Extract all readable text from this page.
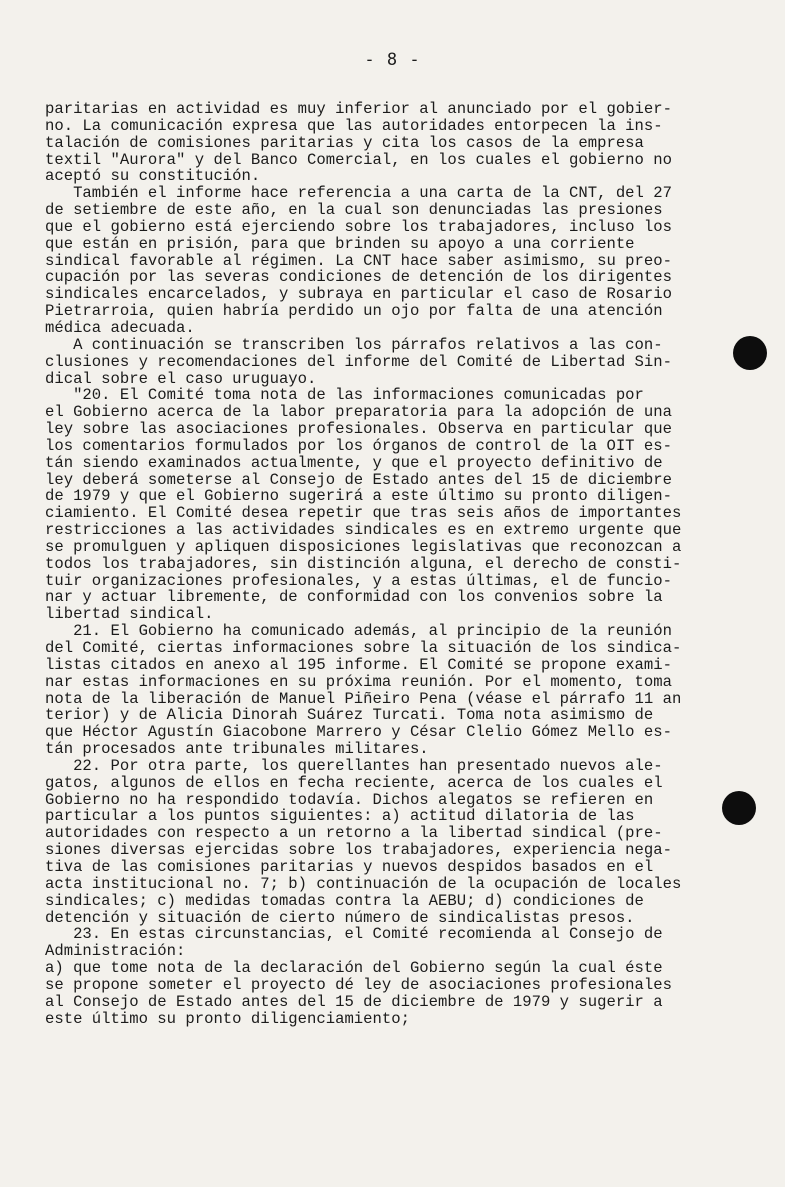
- 8 -
paritarias en actividad es muy inferior al anunciado por el gobier-
no. La comunicación expresa que las autoridades entorpecen la ins-
talación de comisiones paritarias y cita los casos de la empresa
textil "Aurora" y del Banco Comercial, en los cuales el gobierno no
aceptó su constitución.
También el informe hace referencia a una carta de la CNT, del 27
de setiembre de este año, en la cual son denunciadas las presiones
que el gobierno está ejerciendo sobre los trabajadores, incluso los
que están en prisión, para que brinden su apoyo a una corriente
sindical favorable al régimen. La CNT hace saber asimismo, su preo-
cupación por las severas condiciones de detención de los dirigentes
sindicales encarcelados, y subraya en particular el caso de Rosario
Pietrarroia, quien habría perdido un ojo por falta de una atención
médica adecuada.
A continuación se transcriben los párrafos relativos a las con-
clusiones y recomendaciones del informe del Comité de Libertad Sin-
dical sobre el caso uruguayo.
"20. El Comité toma nota de las informaciones comunicadas por
el Gobierno acerca de la labor preparatoria para la adopción de una
ley sobre las asociaciones profesionales. Observa en particular que
los comentarios formulados por los órganos de control de la OIT es-
tán siendo examinados actualmente, y que el proyecto definitivo de
ley deberá someterse al Consejo de Estado antes del 15 de diciembre
de 1979 y que el Gobierno sugerirá a este último su pronto diligen-
ciamiento. El Comité desea repetir que tras seis años de importantes
restricciones a las actividades sindicales es en extremo urgente que
se promulguen y apliquen disposiciones legislativas que reconozcan a
todos los trabajadores, sin distinción alguna, el derecho de consti-
tuir organizaciones profesionales, y a estas últimas, el de funcio-
nar y actuar libremente, de conformidad con los convenios sobre la
libertad sindical.
21. El Gobierno ha comunicado además, al principio de la reunión
del Comité, ciertas informaciones sobre la situación de los sindica-
listas citados en anexo al 195 informe. El Comité se propone exami-
nar estas informaciones en su próxima reunión. Por el momento, toma
nota de la liberación de Manuel Piñeiro Pena (véase el párrafo 11 an
terior) y de Alicia Dinorah Suárez Turcati. Toma nota asimismo de
que Héctor Agustín Giacobone Marrero y César Clelio Gómez Mello es-
tán procesados ante tribunales militares.
22. Por otra parte, los querellantes han presentado nuevos ale-
gatos, algunos de ellos en fecha reciente, acerca de los cuales el
Gobierno no ha respondido todavía. Dichos alegatos se refieren en
particular a los puntos siguientes: a) actitud dilatoria de las
autoridades con respecto a un retorno a la libertad sindical (pre-
siones diversas ejercidas sobre los trabajadores, experiencia nega-
tiva de las comisiones paritarias y nuevos despidos basados en el
acta institucional no. 7; b) continuación de la ocupación de locales
sindicales; c) medidas tomadas contra la AEBU; d) condiciones de
detención y situación de cierto número de sindicalistas presos.
23. En estas circunstancias, el Comité recomienda al Consejo de
Administración:
a) que tome nota de la declaración del Gobierno según la cual éste
se propone someter el proyecto dé ley de asociaciones profesionales
al Consejo de Estado antes del 15 de diciembre de 1979 y sugerir a
este último su pronto diligenciamiento;
